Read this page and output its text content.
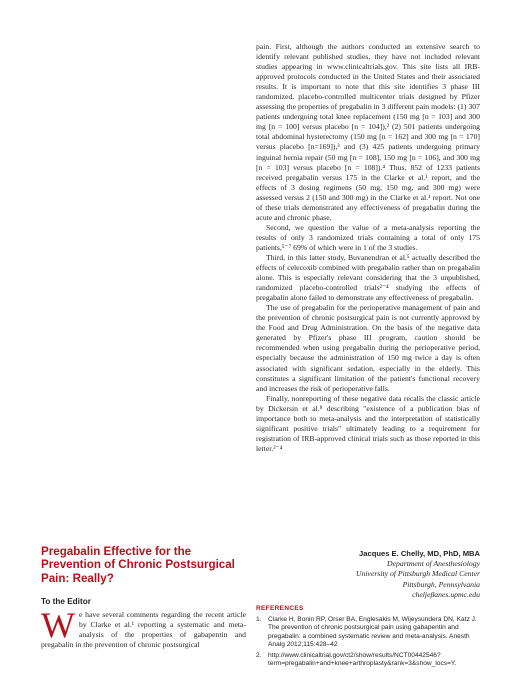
pain. First, although the authors conducted an extensive search to identify relevant published studies, they have not included relevant studies appearing in www.clinicaltrials.gov. This site lists all IRB-approved protocols conducted in the United States and their associated results. It is important to note that this site identifies 3 phase III randomized, placebo-controlled multicenter trials designed by Pfizer assessing the properties of pregabalin in 3 different pain models: (1) 307 patients undergoing total knee replacement (150 mg [n = 103] and 300 mg [n = 100] versus placebo [n = 104]),² (2) 501 patients undergoing total abdominal hysterectomy (150 mg [n = 162] and 300 mg [n = 170] versus placebo [n=169]),³ and (3) 425 patients undergoing primary inguinal hernia repair (50 mg [n = 108], 150 mg [n = 106], and 300 mg [n = 103] versus placebo [n = 108]).⁴ Thus, 852 of 1233 patients received pregabalin versus 175 in the Clarke et al.¹ report, and the effects of 3 dosing regimens (50 mg, 150 mg, and 300 mg) were assessed versus 2 (150 and 300 mg) in the Clarke et al.¹ report. Not one of these trials demonstrated any effectiveness of pregabalin during the acute and chronic phase.

Second, we question the value of a meta-analysis reporting the results of only 3 randomized trials containing a total of only 175 patients,⁵⁻⁷ 69% of which were in 1 of the 3 studies.

Third, in this latter study, Buvanendran et al.⁵ actually described the effects of celecoxib combined with pregabalin rather than on pregabalin alone. This is especially relevant considering that the 3 unpublished, randomized placebo-controlled trials²⁻⁴ studying the effects of pregabalin alone failed to demonstrate any effectiveness of pregabalin.

The use of pregabalin for the perioperative management of pain and the prevention of chronic postsurgical pain is not currently approved by the Food and Drug Administration. On the basis of the negative data generated by Pfizer's phase III program, caution should be recommended when using pregabalin during the perioperative period, especially because the administration of 150 mg twice a day is often associated with significant sedation, especially in the elderly. This constitutes a significant limitation of the patient's functional recovery and increases the risk of perioperative falls.

Finally, nonreporting of these negative data recalls the classic article by Dickersin et al.⁸ describing "existence of a publication bias of importance both to meta-analysis and the interpretation of statistically significant positive trials" ultimately leading to a requirement for registration of IRB-approved clinical trials such as those reported in this letter.²⁻⁴

Jacques E. Chelly, MD, PhD, MBA
Department of Anesthesiology
University of Pittsburgh Medical Center
Pittsburgh, Pennsylvania
cheljeβanes.upmc.edu
REFERENCES
1. Clarke H, Bonin RP, Orser BA, Englesakis M, Wijeysundera DN, Katz J. The prevention of chronic postsurgical pain using gabapentin and pregabalin: a combined systematic review and meta-analysis. Anesth Analg 2012;115:428–42
2. http://www.clinicaltrial.gov/ct2/show/results/NCT00442546?term=pregabalin+and+knee+arthroplasty&rank=3&show_locs=Y.
Pregabalin Effective for the Prevention of Chronic Postsurgical Pain: Really?
To the Editor
W e have several comments regarding the recent article by Clarke et al.¹ reporting a systematic and meta-analysis of the properties of gabapentin and pregabalin in the prevention of chronic postsurgical
